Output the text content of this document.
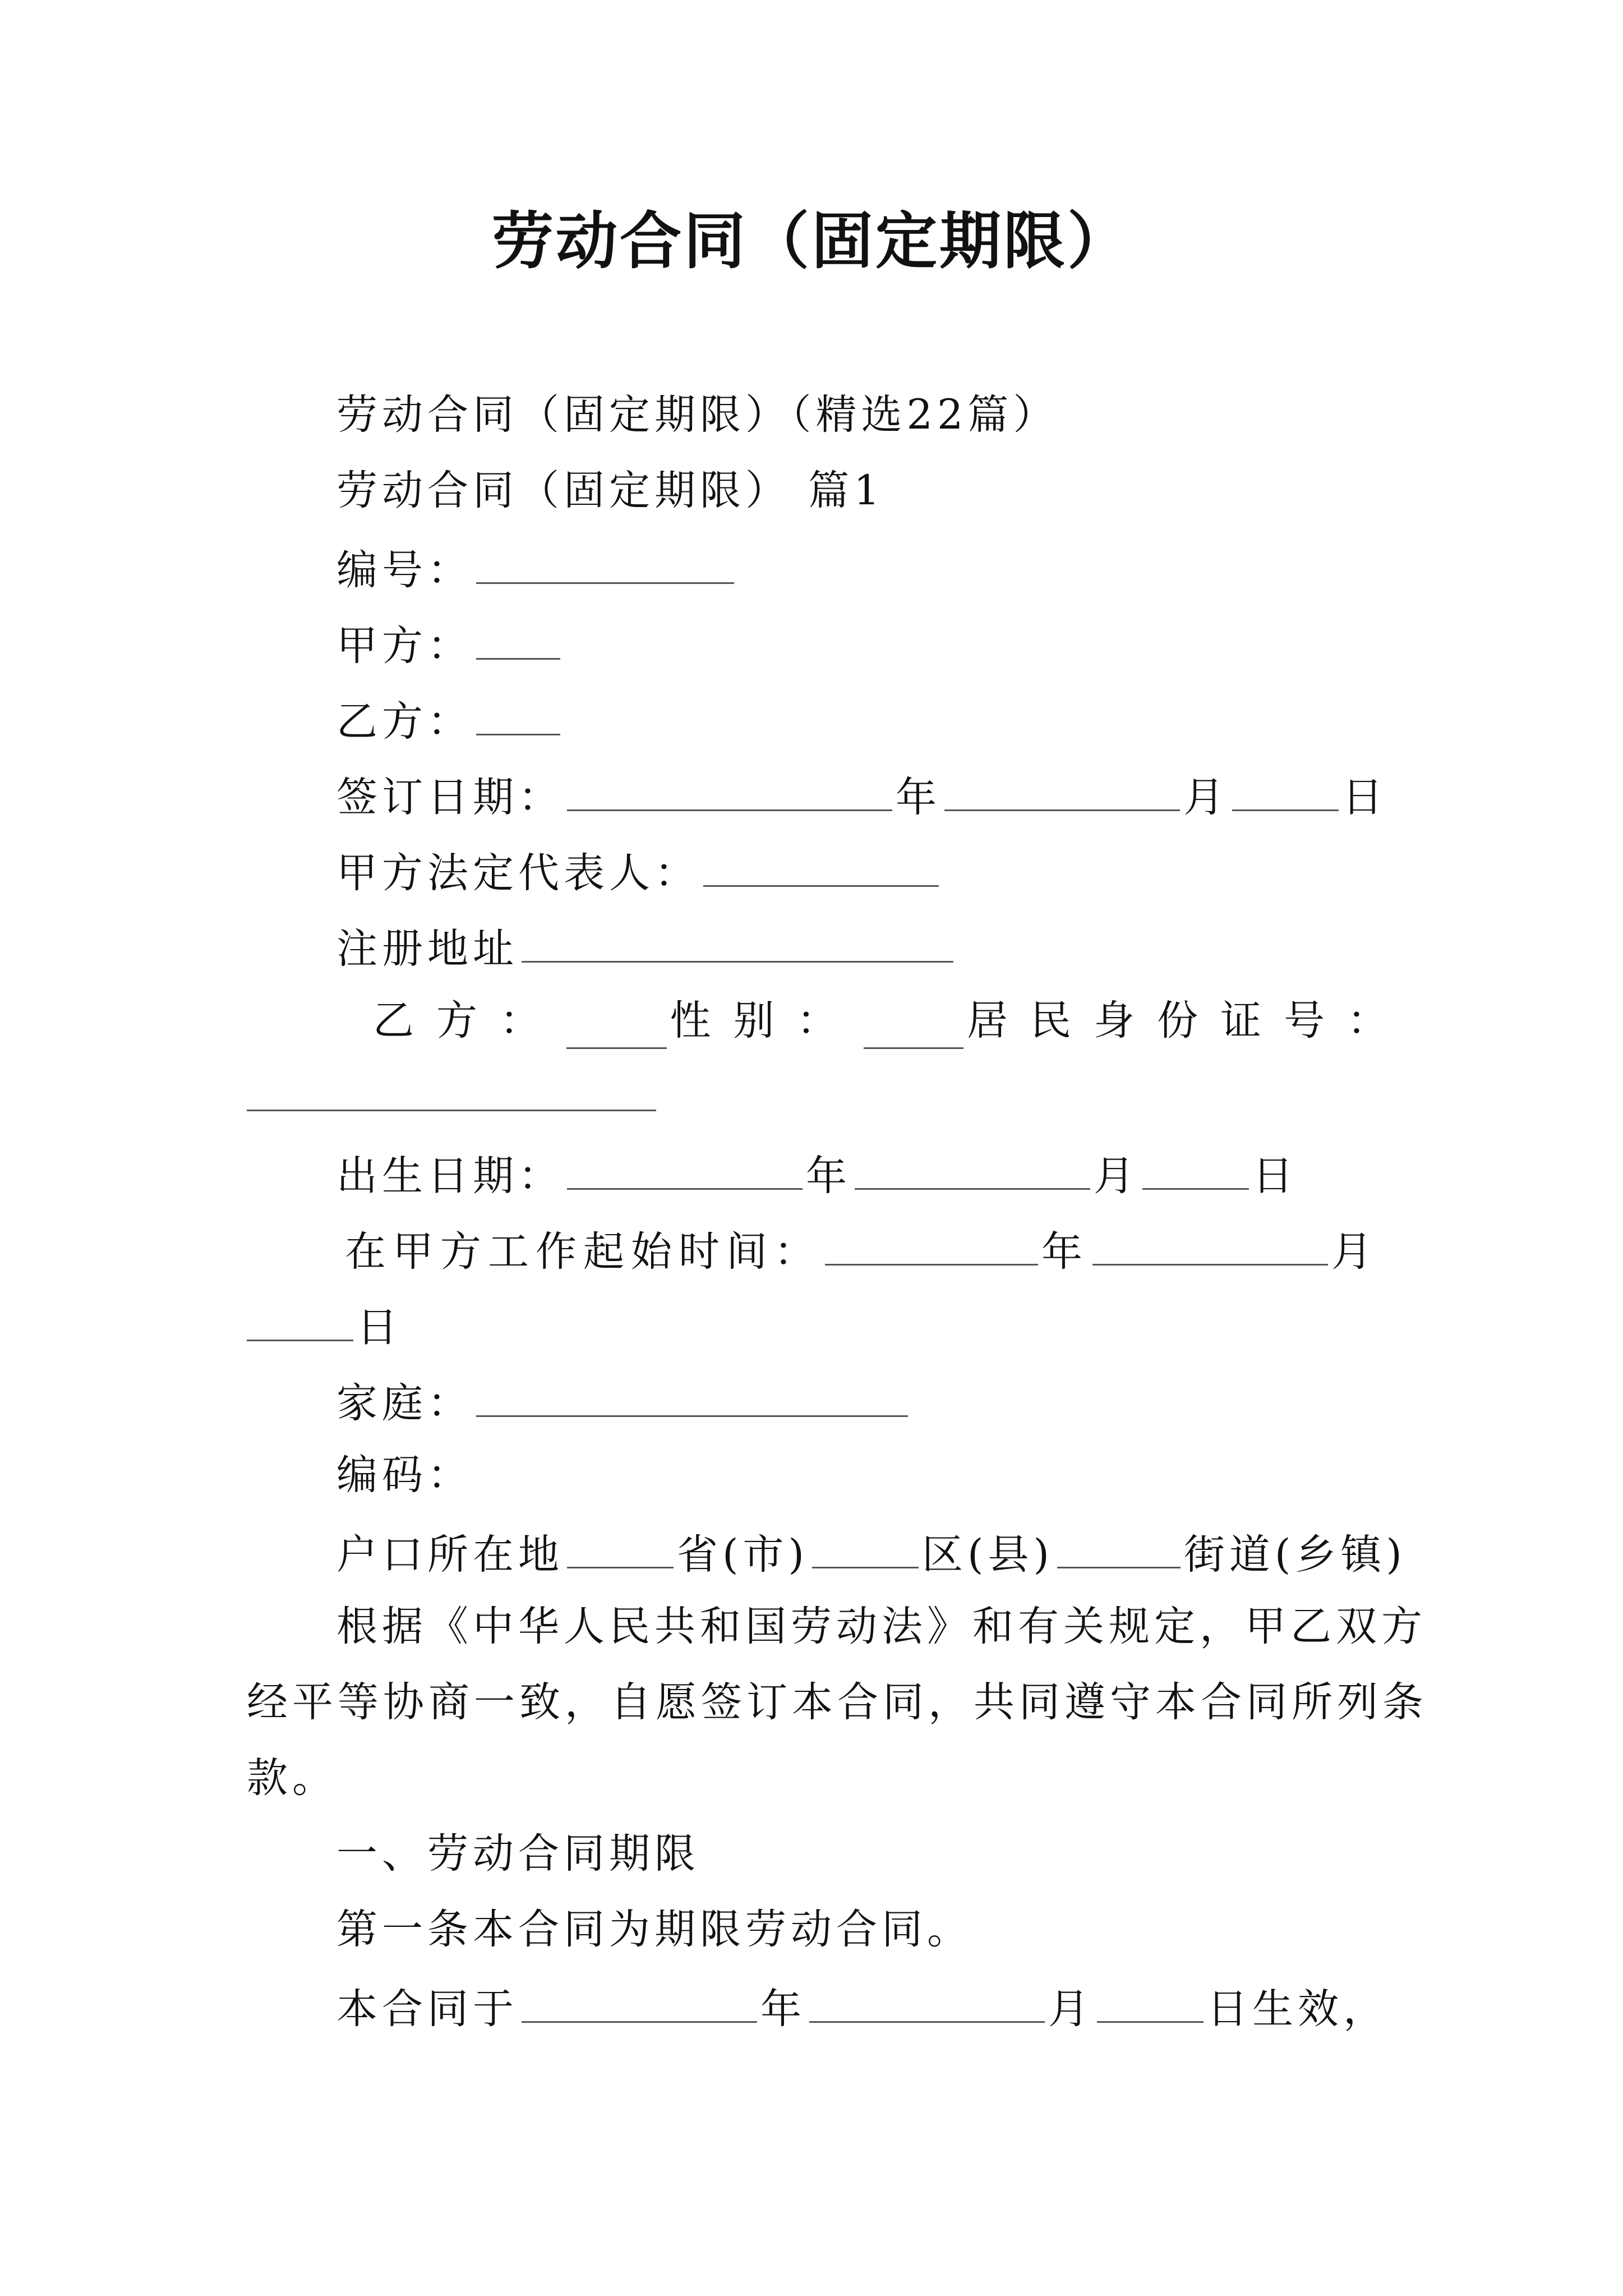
劳动合同（固定期限）
劳动合同（固定期限）（精选22篇）
劳动合同（固定期限） 篇1
编号：
甲方：
乙方：
签订日期：	年	月	日
甲方法定代表人：
注册地址
乙方：	性别：	居民身份证号：
出生日期：	年	月	日
在甲方工作起始时间：	年	月
日
家庭：
编码：
户口所在地	省(市)	区(县)	街道(乡镇)
根据《中华人民共和国劳动法》和有关规定，甲乙双方
经平等协商一致，自愿签订本合同，共同遵守本合同所列条
款。
一、劳动合同期限
第一条本合同为期限劳动合同。
本合同于	年	月	日生效，
